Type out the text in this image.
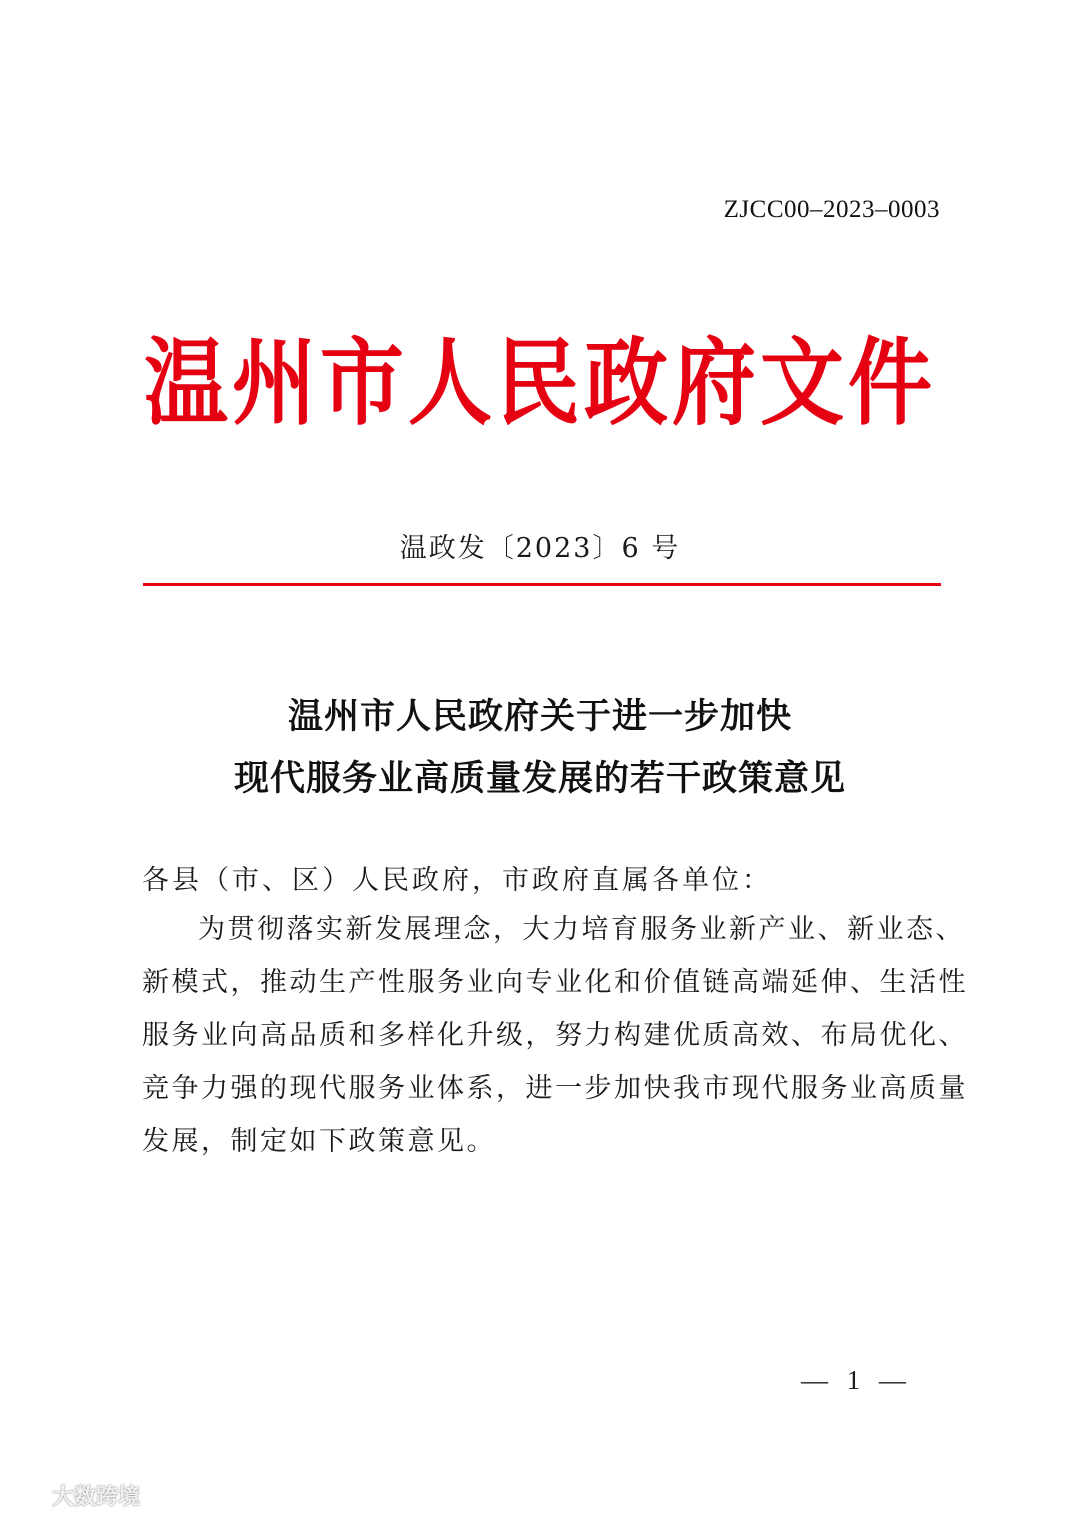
ZJCC00–2023–0003
温州市人民政府文件
温政发〔2023〕6 号
温州市人民政府关于进一步加快
现代服务业高质量发展的若干政策意见
各县（市、区）人民政府，市政府直属各单位：
为贯彻落实新发展理念，大力培育服务业新产业、新业态、
新模式，推动生产性服务业向专业化和价值链高端延伸、生活性
服务业向高品质和多样化升级，努力构建优质高效、布局优化、
竞争力强的现代服务业体系，进一步加快我市现代服务业高质量
发展，制定如下政策意见。
— 1 —
大数跨境
